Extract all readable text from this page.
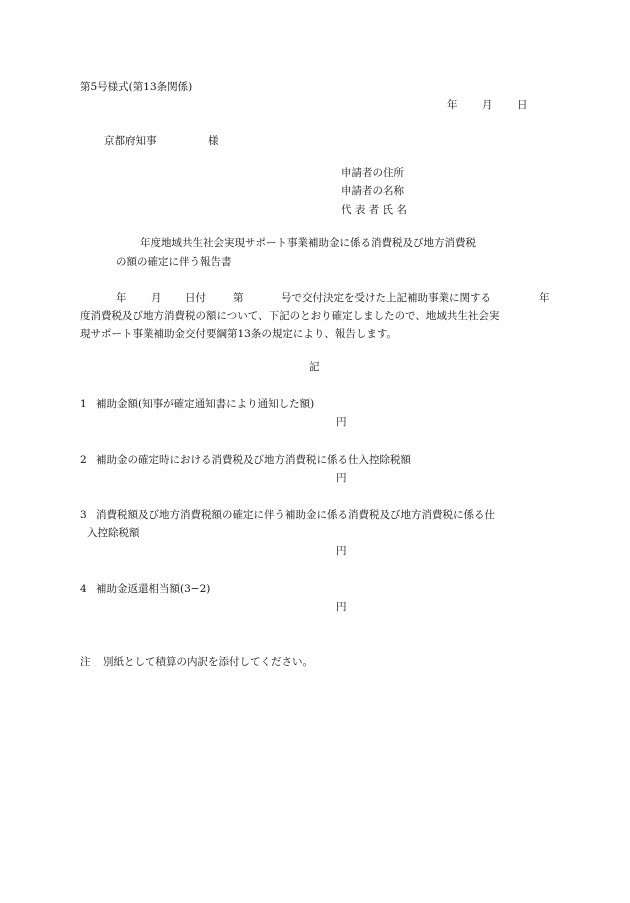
第5号様式(第13条関係)
年 月 日
京都府知事	様
申請者の住所
申請者の名称
代 表 者 氏 名
年度地域共生社会実現サポート事業補助金に係る消費税及び地方消費税
の額の確定に伴う報告書
年 月 日付	第	号で交付決定を受けた上記補助事業に関する	年
度消費税及び地方消費税の額について、下記のとおり確定しましたので、地域共生社会実
現サポート事業補助金交付要綱第13条の規定により、報告します。
記
1 補助金額(知事が確定通知書により通知した額)
円
2 補助金の確定時における消費税及び地方消費税に係る仕入控除税額
円
3 消費税額及び地方消費税額の確定に伴う補助金に係る消費税及び地方消費税に係る仕
入控除税額
円
4 補助金返還相当額(3−2)
円
注 別紙として積算の内訳を添付してください。
